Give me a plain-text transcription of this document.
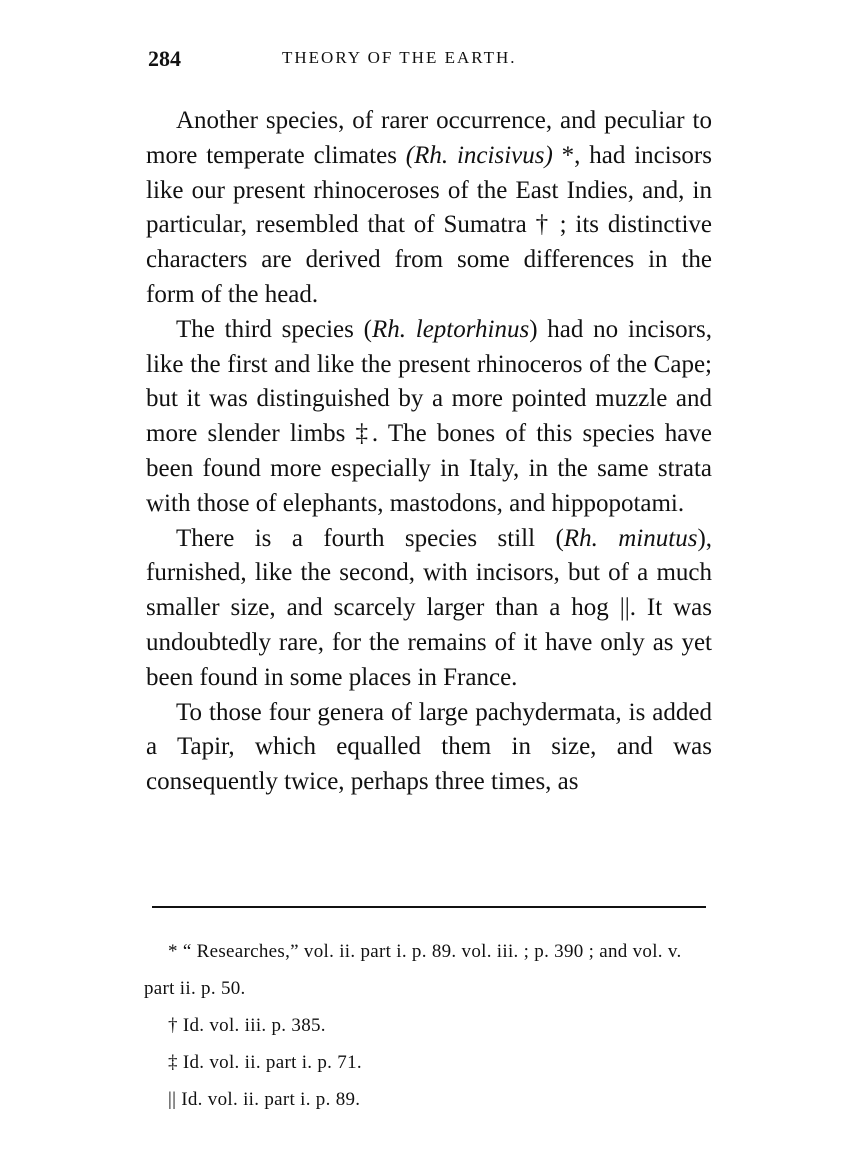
284	THEORY OF THE EARTH.

Another species, of rarer occurrence, and peculiar to more temperate climates (Rh. incisivus) *, had incisors like our present rhinoceroses of the East Indies, and, in particular, resembled that of Sumatra † ; its distinctive characters are derived from some differences in the form of the head.

The third species (Rh. leptorhinus) had no incisors, like the first and like the present rhinoceros of the Cape; but it was distinguished by a more pointed muzzle and more slender limbs ‡. The bones of this species have been found more especially in Italy, in the same strata with those of elephants, mastodons, and hippopotami.

There is a fourth species still (Rh. minutus), furnished, like the second, with incisors, but of a much smaller size, and scarcely larger than a hog ||. It was undoubtedly rare, for the remains of it have only as yet been found in some places in France.

To those four genera of large pachydermata, is added a Tapir, which equalled them in size, and was consequently twice, perhaps three times, as

* “ Researches,” vol. ii. part i. p. 89. vol. iii. ; p. 390 ; and vol. v. part ii. p. 50.

† Id. vol. iii. p. 385.

‡ Id. vol. ii. part i. p. 71.

|| Id. vol. ii. part i. p. 89.
